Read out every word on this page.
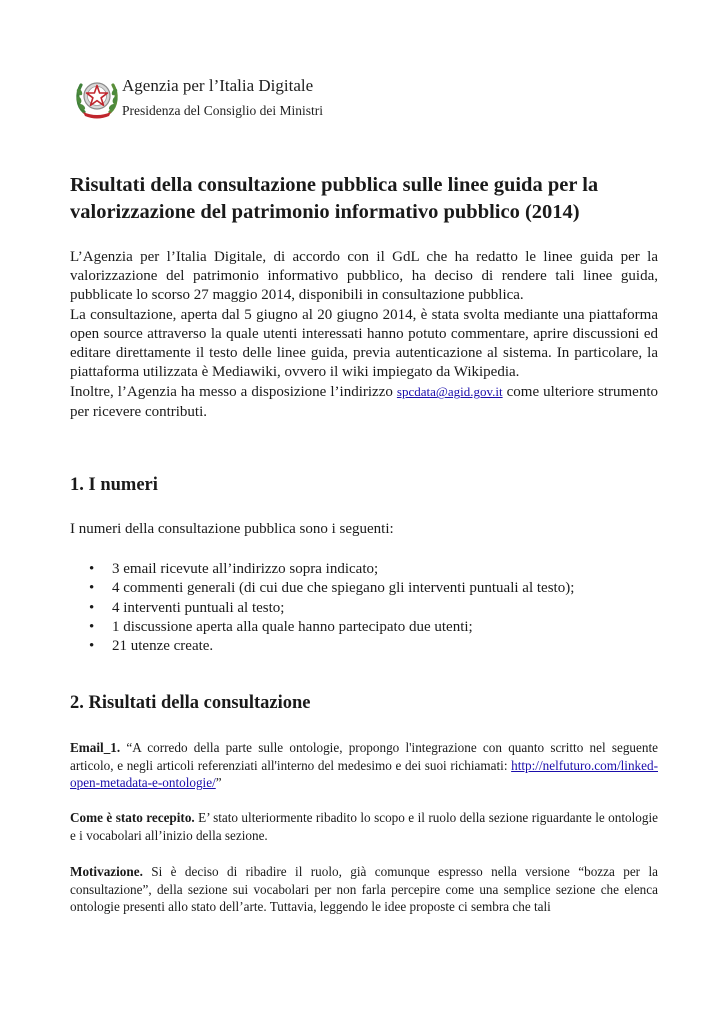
Agenzia per l’Italia Digitale
Presidenza del Consiglio dei Ministri
Risultati della consultazione pubblica sulle linee guida per la valorizzazione del patrimonio informativo pubblico (2014)

L’Agenzia per l’Italia Digitale, di accordo con il GdL che ha redatto le linee guida per la valorizzazione del patrimonio informativo pubblico, ha deciso di rendere tali linee guida, pubblicate lo scorso 27 maggio 2014, disponibili in consultazione pubblica.

La consultazione, aperta dal 5 giugno al 20 giugno 2014, è stata svolta mediante una piattaforma open source attraverso la quale utenti interessati hanno potuto commentare, aprire discussioni ed editare direttamente il testo delle linee guida, previa autenticazione al sistema. In particolare, la piattaforma utilizzata è Mediawiki, ovvero il wiki impiegato da Wikipedia.

Inoltre, l’Agenzia ha messo a disposizione l’indirizzo spcdata@agid.gov.it come ulteriore strumento per ricevere contributi.

1. I numeri
I numeri della consultazione pubblica sono i seguenti:
• 3 email ricevute all’indirizzo sopra indicato;
• 4 commenti generali (di cui due che spiegano gli interventi puntuali al testo);
• 4 interventi puntuali al testo;
• 1 discussione aperta alla quale hanno partecipato due utenti;
• 21 utenze create.
2. Risultati della consultazione

Email_1. “A corredo della parte sulle ontologie, propongo l'integrazione con quanto scritto nel seguente articolo, e negli articoli referenziati all'interno del medesimo e dei suoi richiamati: http://nelfuturo.com/linked-open-metadata-e-ontologie/”

Come è stato recepito. E’ stato ulteriormente ribadito lo scopo e il ruolo della sezione riguardante le ontologie e i vocabolari all’inizio della sezione.

Motivazione. Si è deciso di ribadire il ruolo, già comunque espresso nella versione “bozza per la consultazione”, della sezione sui vocabolari per non farla percepire come una semplice sezione che elenca ontologie presenti allo stato dell’arte. Tuttavia, leggendo le idee proposte ci sembra che tali
